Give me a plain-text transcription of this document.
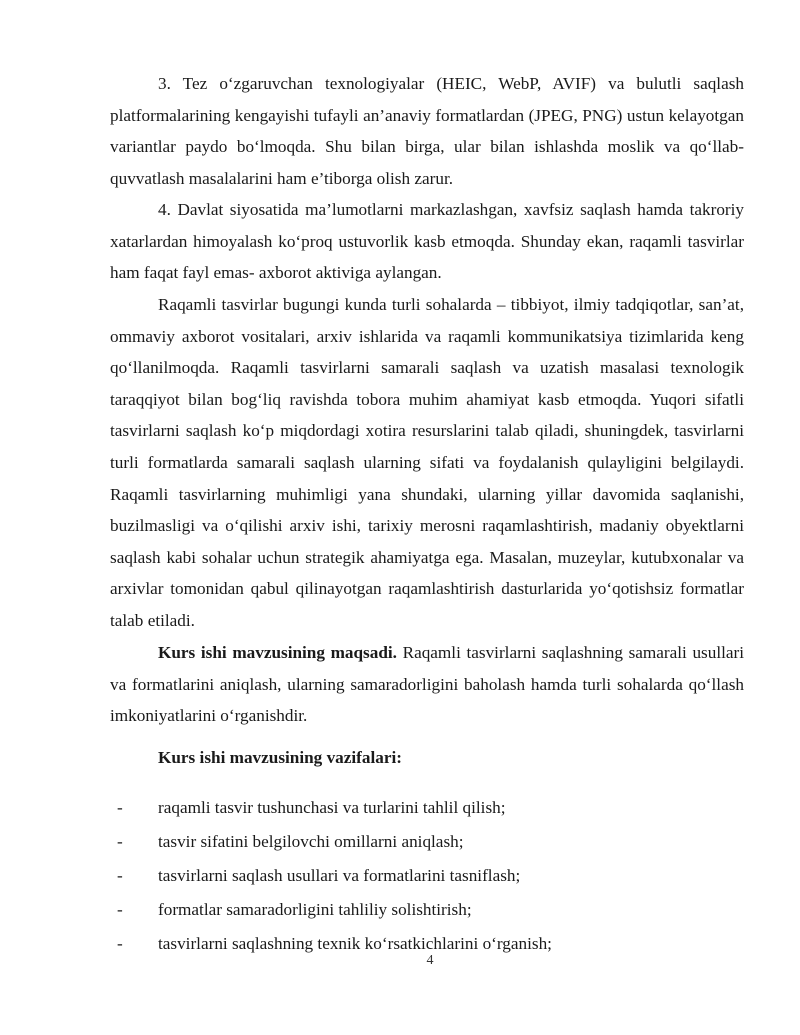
3. Tez o‘zgaruvchan texnologiyalar (HEIC, WebP, AVIF) va bulutli saqlash platformalarining kengayishi tufayli an’anaviy formatlardan (JPEG, PNG) ustun kelayotgan variantlar paydo bo‘lmoqda. Shu bilan birga, ular bilan ishlashda moslik va qo‘llab-quvvatlash masalalarini ham e’tiborga olish zarur.

4. Davlat siyosatida ma’lumotlarni markazlashgan, xavfsiz saqlash hamda takroriy xatarlardan himoyalash ko‘proq ustuvorlik kasb etmoqda. Shunday ekan, raqamli tasvirlar ham faqat fayl emas- axborot aktiviga aylangan.

Raqamli tasvirlar bugungi kunda turli sohalarda – tibbiyot, ilmiy tadqiqotlar, san’at, ommaviy axborot vositalari, arxiv ishlarida va raqamli kommunikatsiya tizimlarida keng qo‘llanilmoqda. Raqamli tasvirlarni samarali saqlash va uzatish masalasi texnologik taraqqiyot bilan bog‘liq ravishda tobora muhim ahamiyat kasb etmoqda. Yuqori sifatli tasvirlarni saqlash ko‘p miqdordagi xotira resurslarini talab qiladi, shuningdek, tasvirlarni turli formatlarda samarali saqlash ularning sifati va foydalanish qulayligini belgilaydi. Raqamli tasvirlarning muhimligi yana shundaki, ularning yillar davomida saqlanishi, buzilmasligi va o‘qilishi arxiv ishi, tarixiy merosni raqamlashtirish, madaniy obyektlarni saqlash kabi sohalar uchun strategik ahamiyatga ega. Masalan, muzeylar, kutubxonalar va arxivlar tomonidan qabul qilinayotgan raqamlashtirish dasturlarida yo‘qotishsiz formatlar talab etiladi.

Kurs ishi mavzusining maqsadi. Raqamli tasvirlarni saqlashning samarali usullari va formatlarini aniqlash, ularning samaradorligini baholash hamda turli sohalarda qo‘llash imkoniyatlarini o‘rganishdir.

Kurs ishi mavzusining vazifalari:

- raqamli tasvir tushunchasi va turlarini tahlil qilish;
- tasvir sifatini belgilovchi omillarni aniqlash;
- tasvirlarni saqlash usullari va formatlarini tasniflash;
- formatlar samaradorligini tahliliy solishtirish;
- tasvirlarni saqlashning texnik ko‘rsatkichlarini o‘rganish;
4
